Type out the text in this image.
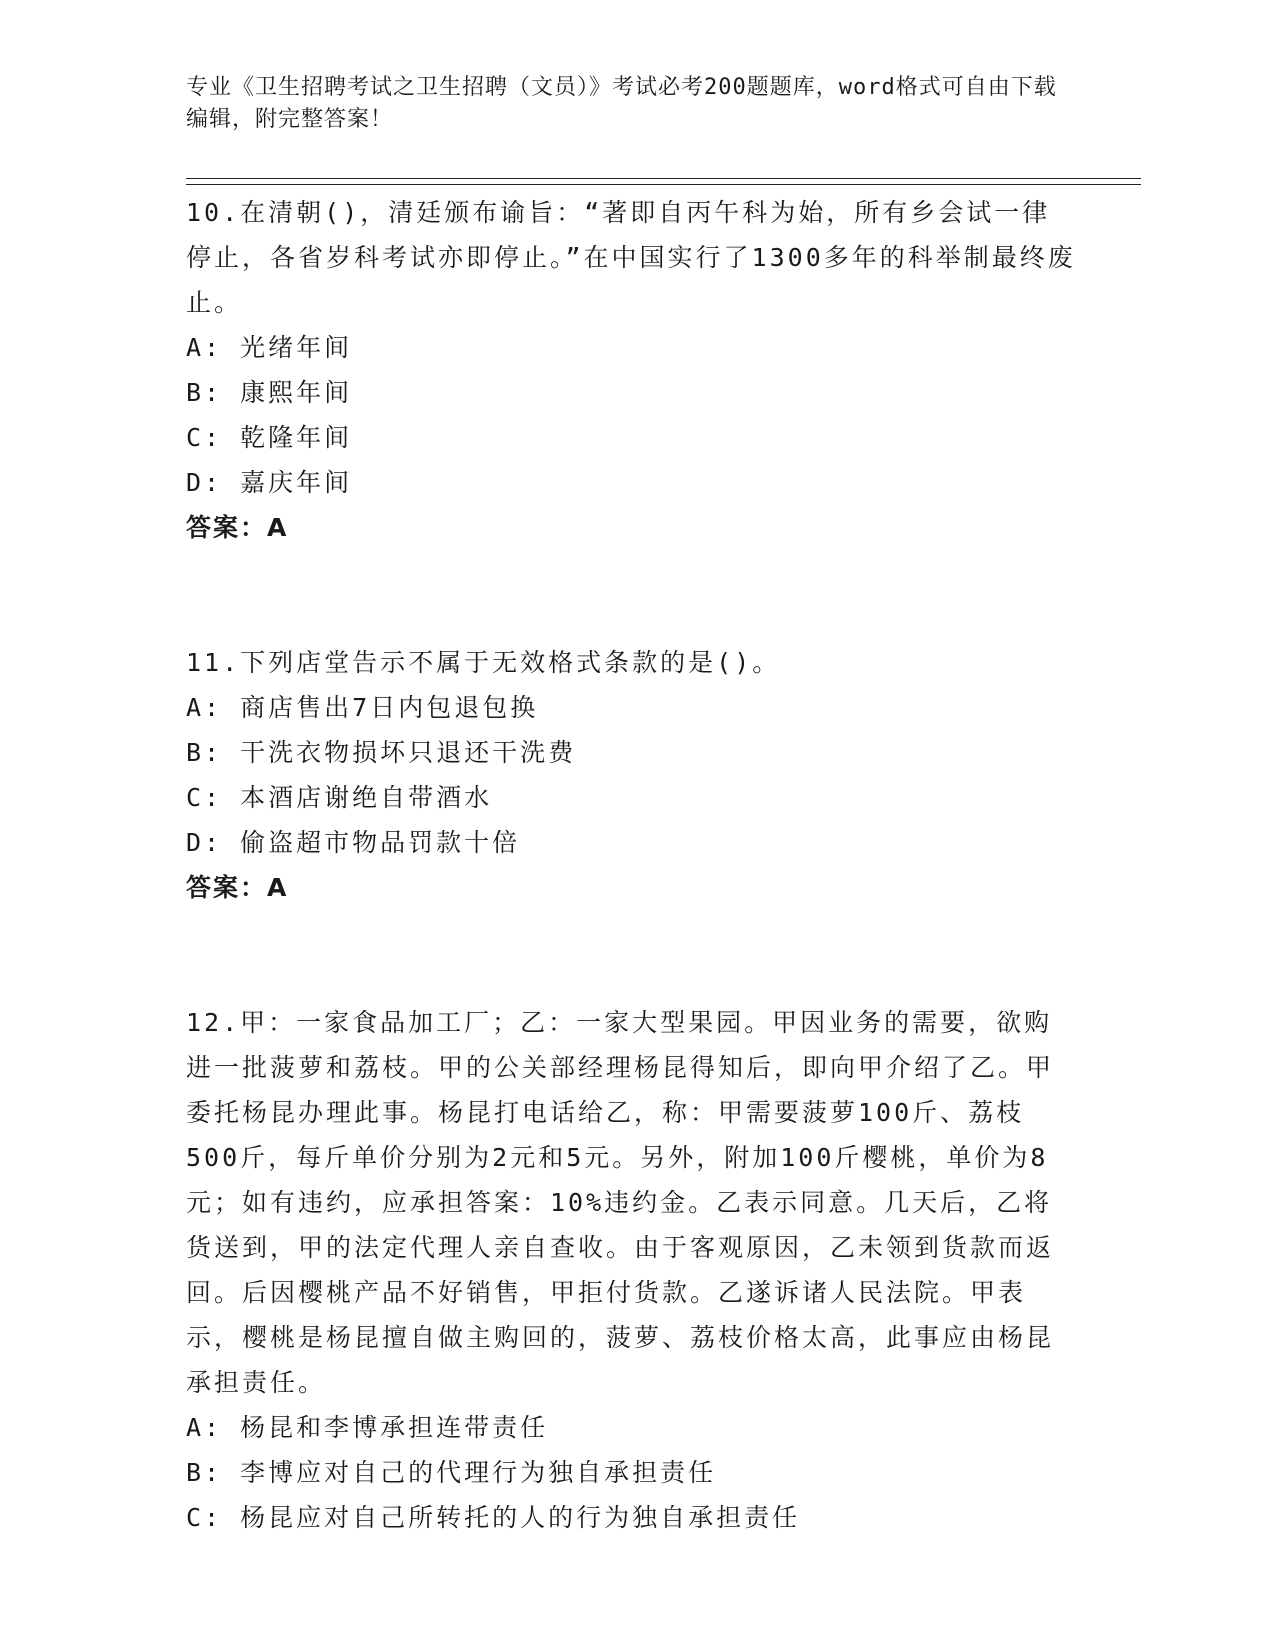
专业《卫生招聘考试之卫生招聘（文员）》考试必考200题题库，word格式可自由下载编辑，附完整答案！
10.在清朝()，清廷颁布谕旨：“著即自丙午科为始，所有乡会试一律停止，各省岁科考试亦即停止。”在中国实行了1300多年的科举制最终废止。
A: 光绪年间
B: 康熙年间
C: 乾隆年间
D: 嘉庆年间
答案：A
11.下列店堂告示不属于无效格式条款的是()。
A: 商店售出7日内包退包换
B: 干洗衣物损坏只退还干洗费
C: 本酒店谢绝自带酒水
D: 偷盗超市物品罚款十倍
答案：A
12.甲：一家食品加工厂；乙：一家大型果园。甲因业务的需要，欲购进一批菠萝和荔枝。甲的公关部经理杨昆得知后，即向甲介绍了乙。甲委托杨昆办理此事。杨昆打电话给乙，称：甲需要菠萝100斤、荔枝500斤，每斤单价分别为2元和5元。另外，附加100斤樱桃，单价为8元；如有违约，应承担答案：10%违约金。乙表示同意。几天后，乙将货送到，甲的法定代理人亲自查收。由于客观原因，乙未领到货款而返回。后因樱桃产品不好销售，甲拒付货款。乙遂诉诸人民法院。甲表示，樱桃是杨昆擅自做主购回的，菠萝、荔枝价格太高，此事应由杨昆承担责任。
A: 杨昆和李博承担连带责任
B: 李博应对自己的代理行为独自承担责任
C: 杨昆应对自己所转托的人的行为独自承担责任
